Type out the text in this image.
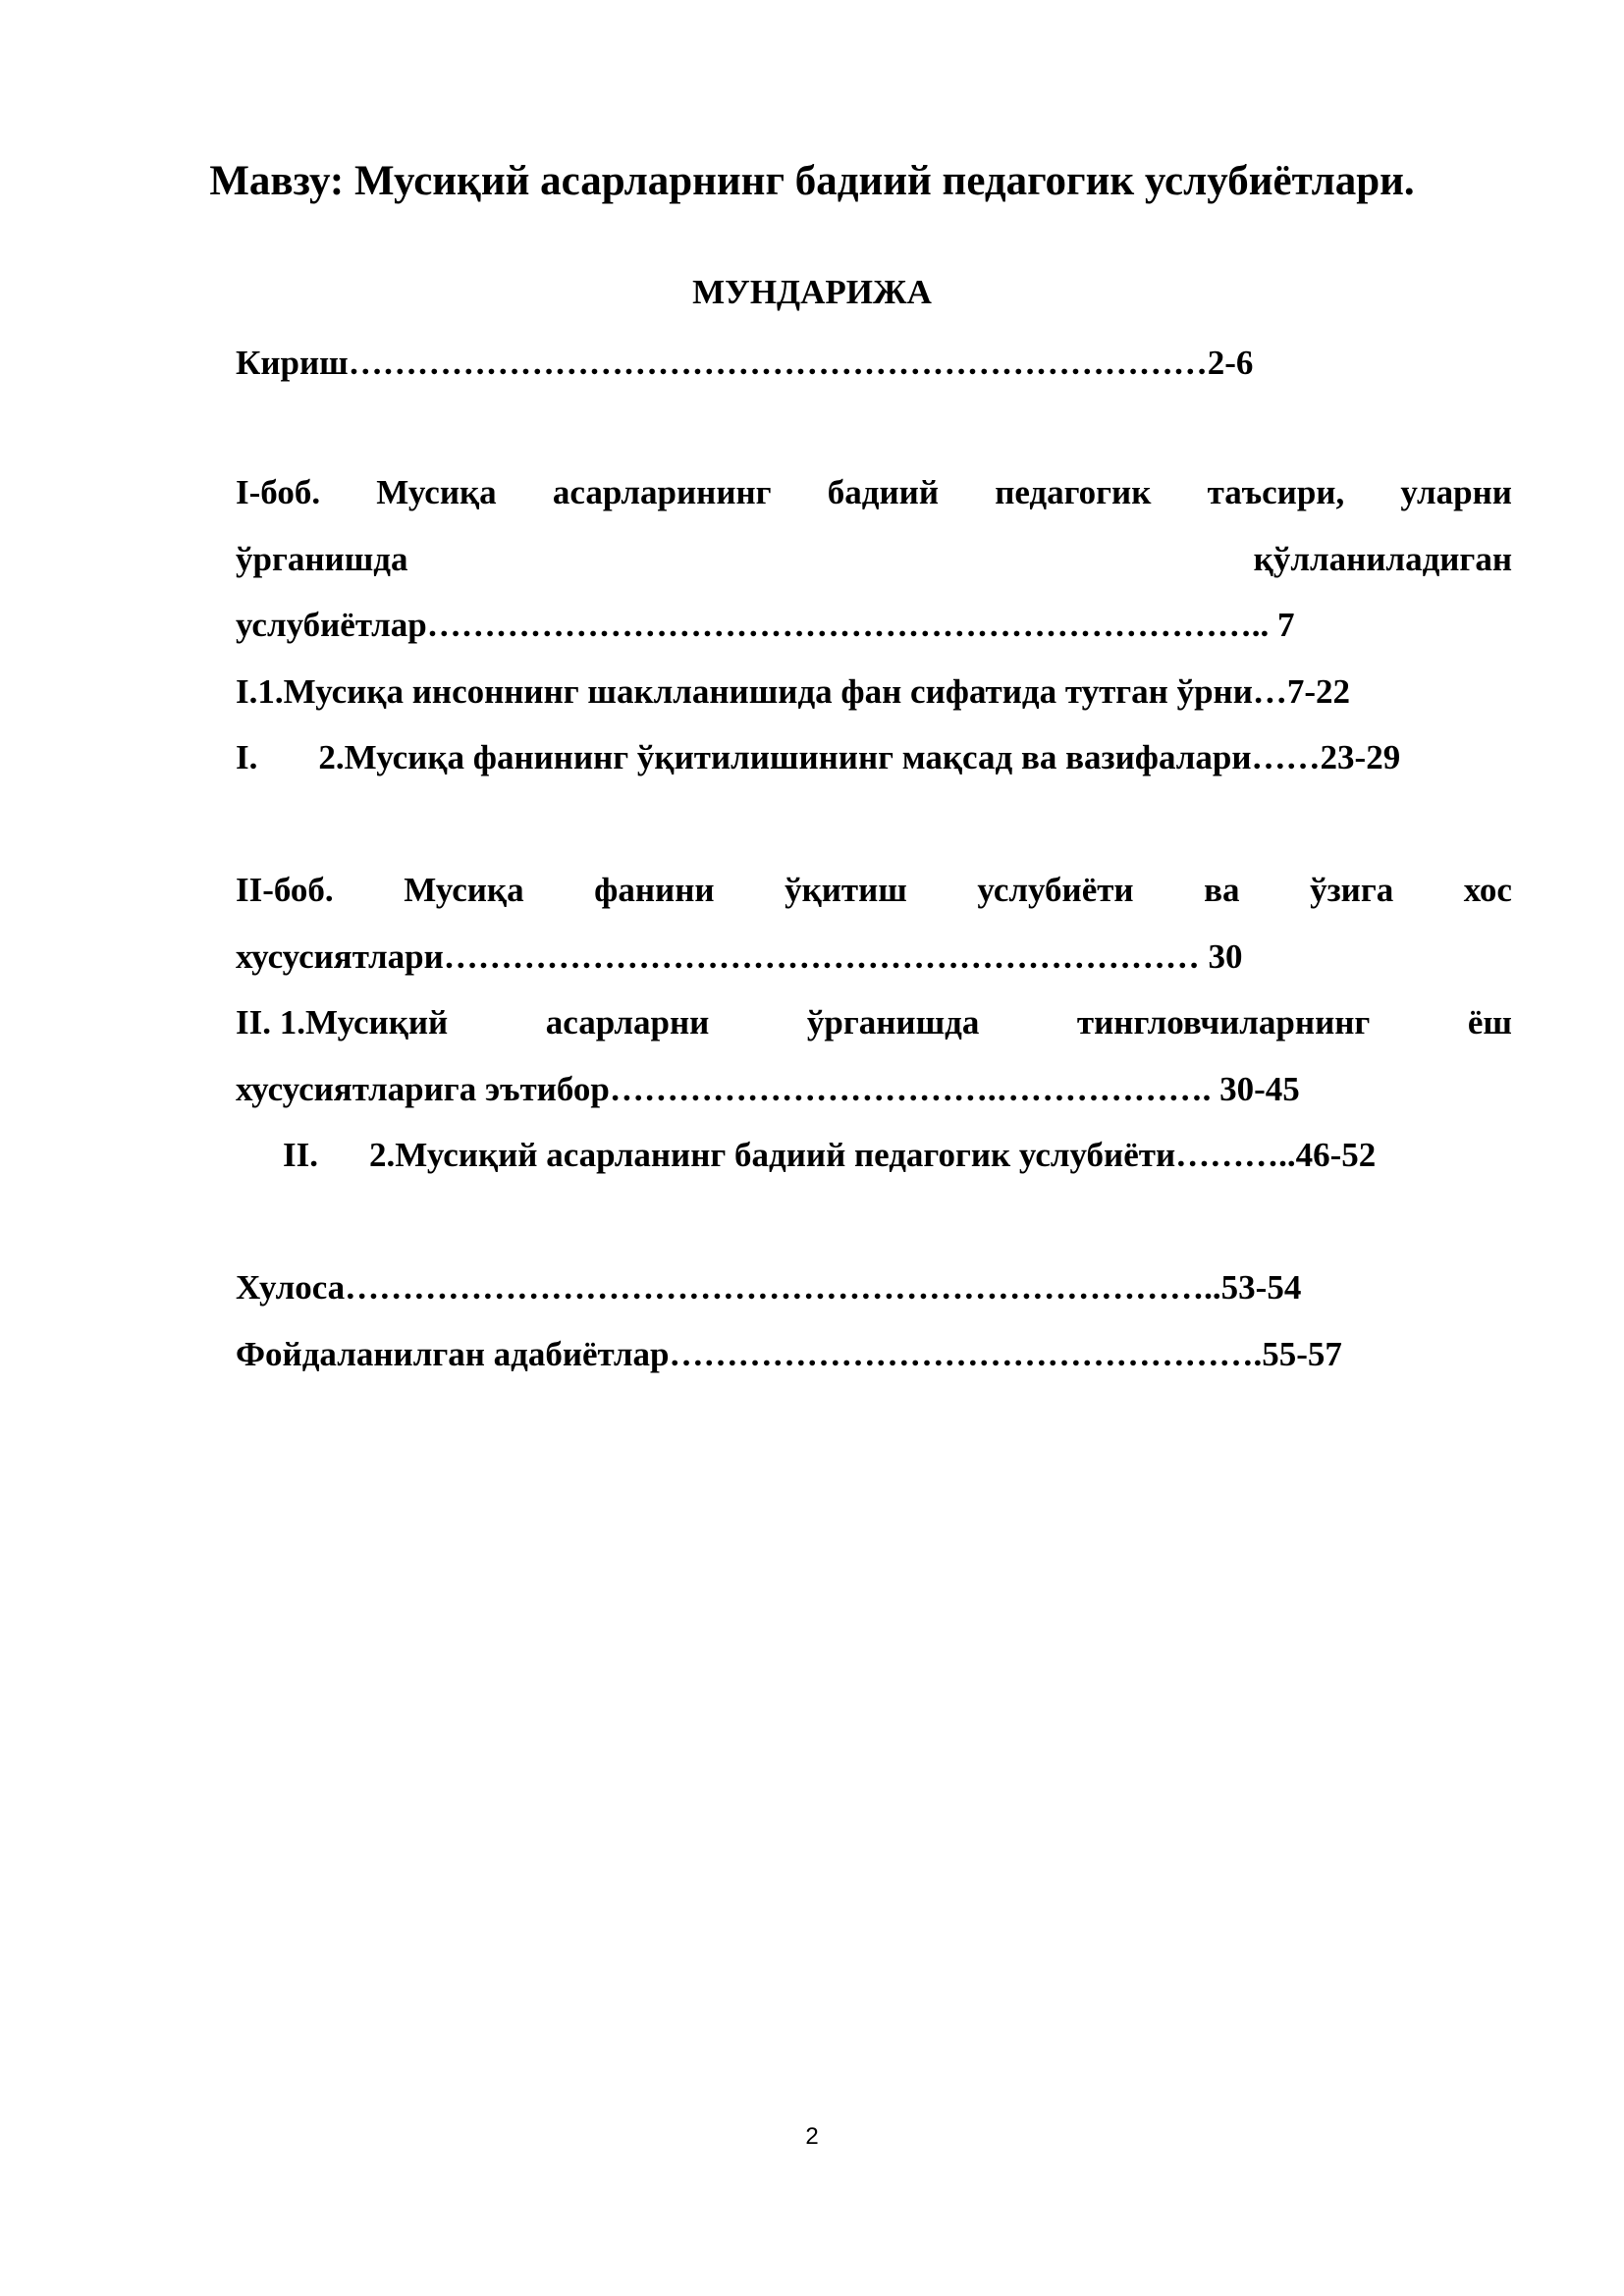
Мавзу: Мусиқий асарларнинг бадиий педагогик услубиётлари.
МУНДАРИЖА
Кириш…………………………………………………………………2-6
I-боб. Мусиқа асарларининг бадиий педагогик таъсири, уларни
ўрганишда	қўлланиладиган
услубиётлар……………………………………………………………….. 7
I.1.Мусиқа инсоннинг шаклланишида фан сифатида тутган ўрни…7-22
I. 2.Мусиқа фанининг ўқитилишининг мақсад ва вазифалари……23-29
II-боб. Мусиқа фанини ўқитиш услубиёти ва ўзига хос
хусусиятлари………………………………………………………… 30
II. 1.Мусиқий	асарларни	ўрганишда	тингловчиларнинг	ёш
хусусиятларига эътибор…………………………….………………. 30-45
II. 2.Мусиқий асарланинг бадиий педагогик услубиёти………..46-52
Хулоса…………………………………………………………………..53-54
Фойдаланилган адабиётлар…………………………………………….55-57
2
